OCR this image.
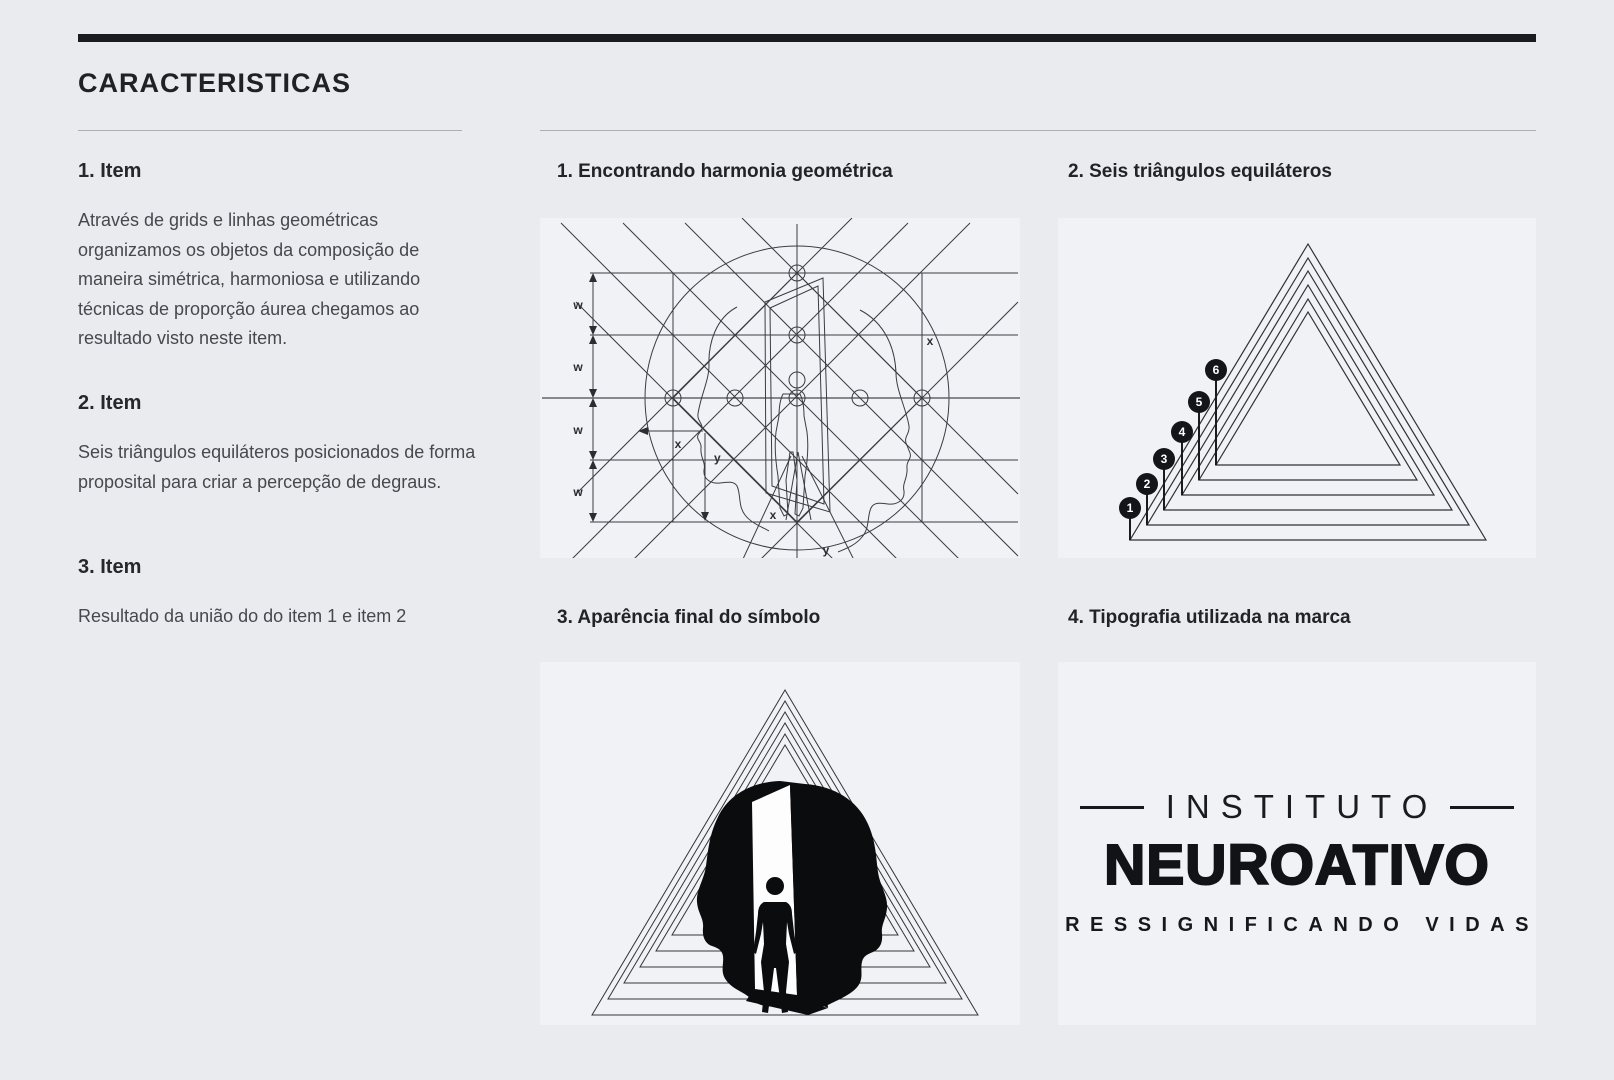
CARACTERISTICAS
1. Item
Através de grids e linhas geométricas organizamos os objetos da composição de maneira simétrica, harmoniosa e utilizando técnicas de proporção áurea chegamos ao resultado visto neste item.
2. Item
Seis triângulos equiláteros posicionados de forma proposital para criar a percepção de degraus.
3. Item
Resultado da união do do item 1 e item 2
1. Encontrando harmonia geométrica	2. Seis triângulos equiláteros
3. Aparência final do símbolo	4. Tipografia utilizada na marca
w
w
w
w
x
y
x
x
y
1
2
3
4
5
6
INSTITUTO
NEUROATIVO
RESSIGNIFICANDO VIDAS
